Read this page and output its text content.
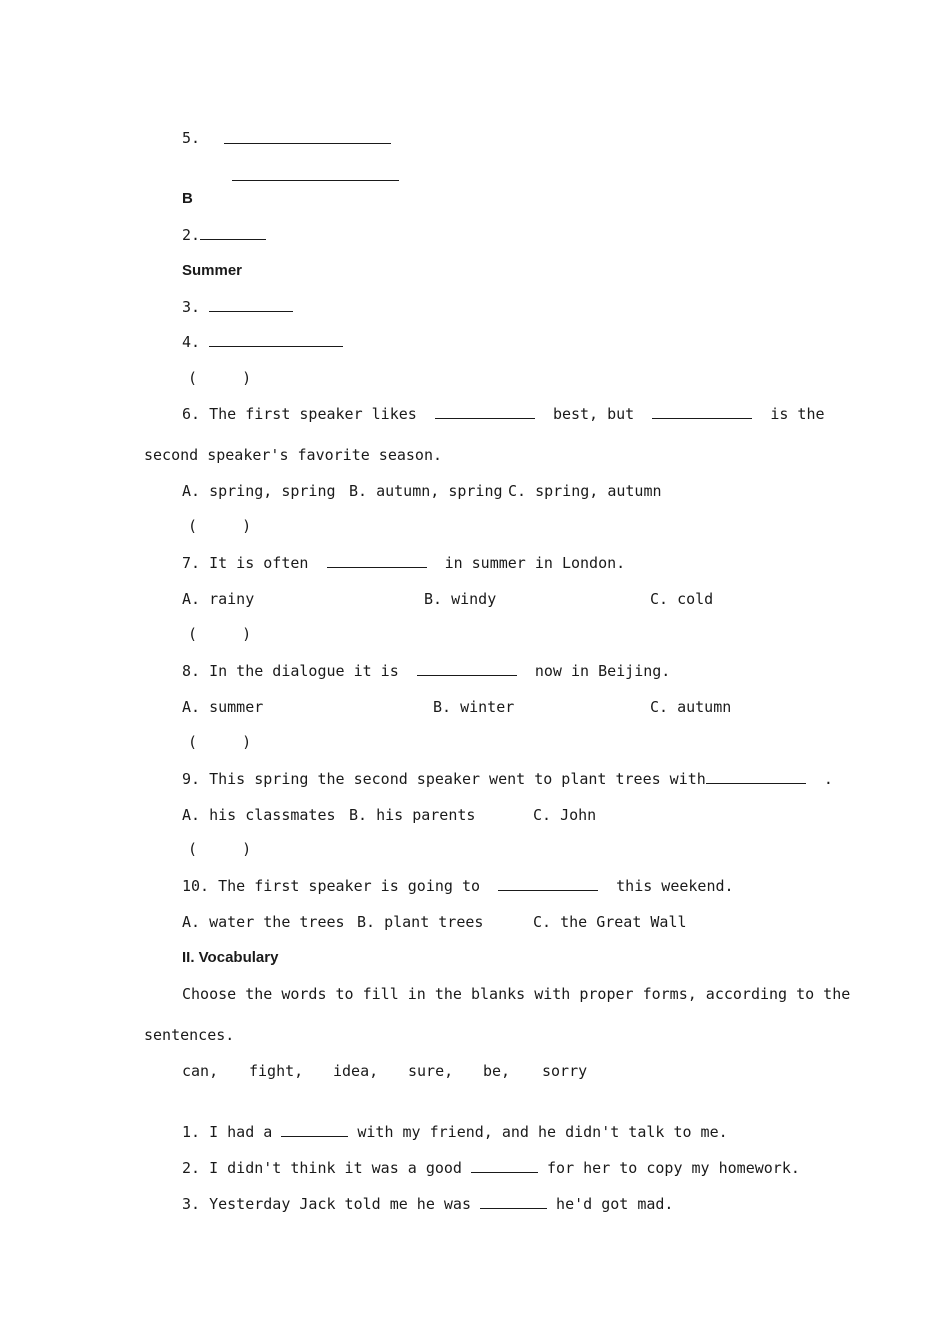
5.
B
2.
Summer
3.
4.
(     )
6. The first speaker likes	best, but	is the
second speaker's favorite season.
A. spring, spring B. autumn, spring C. spring, autumn
(     )
7. It is often	in summer in London.
A. rainy	B. windy	C. cold
(     )
8. In the dialogue it is	now in Beijing.
A. summer	B. winter	C. autumn
(     )
9. This spring the second speaker went to plant trees with	.
A. his classmates B. his parents	C. John
(     )
10. The first speaker is going to	this weekend.
A. water the trees B. plant trees	C. the Great Wall
II. Vocabulary
Choose the words to fill in the blanks with proper forms, according to the
sentences.
can, fight, idea, sure, be, sorry
1. I had a	with my friend, and he didn't talk to me.
2. I didn't think it was a good	for her to copy my homework.
3. Yesterday Jack told me he was	he'd got mad.
